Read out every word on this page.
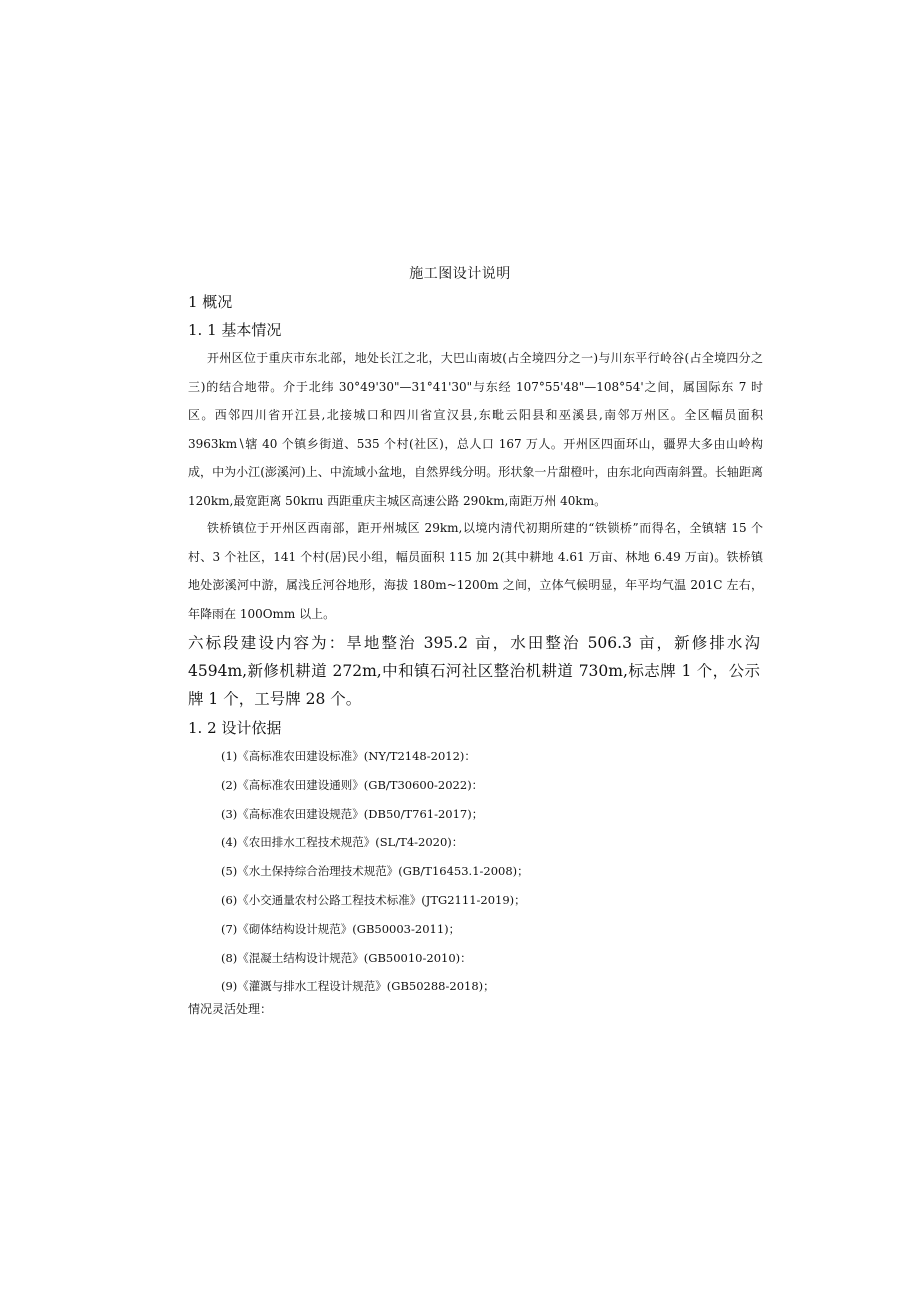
施工图设计说明
1 概况
1. 1 基本情况

开州区位于重庆市东北部，地处长江之北，大巴山南坡(占全境四分之一)与川东平行岭谷(占全境四分之三)的结合地带。介于北纬 30°49'30"—31°41'30"与东经 107°55'48"—108°54'之间，属国际东 7 时区。西邻四川省开江县,北接城口和四川省宣汉县,东毗云阳县和巫溪县,南邻万州区。全区幅员面积 3963km∖辖 40 个镇乡街道、535 个村(社区)，总人口 167 万人。开州区四面环山，疆界大多由山岭构成，中为小江(澎溪河)上、中流域小盆地，自然界线分明。形状象一片甜橙叶，由东北向西南斜置。长轴距离 120km,最宽距离 50kπu 西距重庆主城区高速公路 290km,南距万州 40km。

铁桥镇位于开州区西南部，距开州城区 29km,以境内清代初期所建的“铁锁桥”而得名，全镇辖 15 个村、3 个社区，141 个村(居)民小组，幅员面积 115 加 2(其中耕地 4.61 万亩、林地 6.49 万亩)。铁桥镇地处澎溪河中游，属浅丘河谷地形，海拔 180m~1200m 之间，立体气候明显，年平均气温 201C 左右，年降雨在 100Omm 以上。

六标段建设内容为：旱地整治 395.2 亩，水田整治 506.3 亩，新修排水沟 4594m,新修机耕道 272m,中和镇石河社区整治机耕道 730m,标志牌 1 个，公示牌 1 个，工号牌 28 个。

1. 2 设计依据
(1)《高标准农田建设标准》(NY/T2148-2012)：
(2)《高标准农田建设通则》(GB/T30600-2022)：
(3)《高标准农田建设规范》(DB50/T761-2017)；
(4)《农田排水工程技术规范》(SL/T4-2020)：
(5)《水土保持综合治理技术规范》(GB/T16453.1-2008)；
(6)《小交通量农村公路工程技术标准》(JTG2111-2019)；
(7)《砌体结构设计规范》(GB50003-2011)；
(8)《混凝土结构设计规范》(GB50010-2010)：
(9)《灌溉与排水工程设计规范》(GB50288-2018)；
情况灵活处理：
